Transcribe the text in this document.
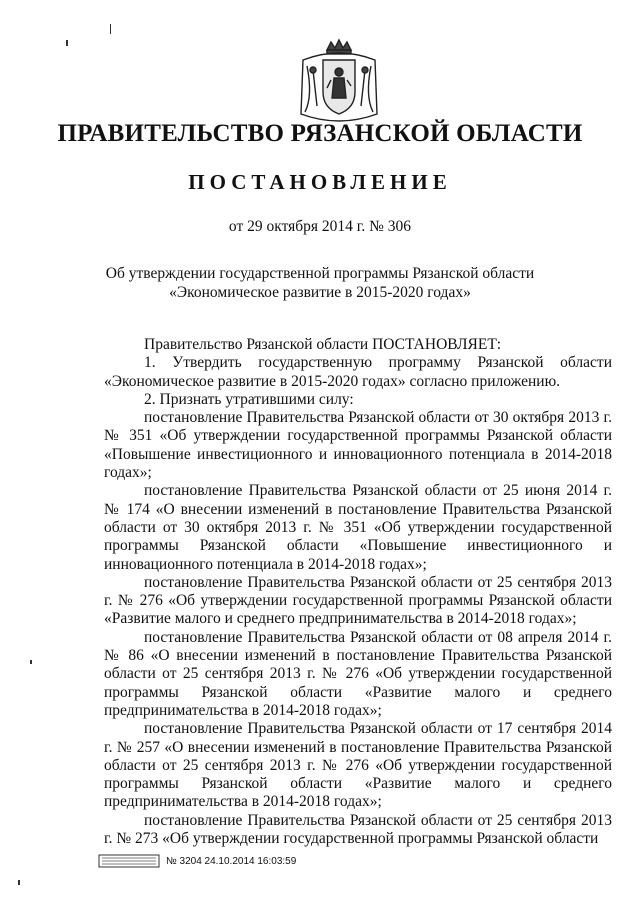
ПРАВИТЕЛЬСТВО РЯЗАНСКОЙ ОБЛАСТИ
ПОСТАНОВЛЕНИЕ
от 29 октября 2014 г. № 306
Об утверждении государственной программы Рязанской области
«Экономическое развитие в 2015-2020 годах»

Правительство Рязанской области ПОСТАНОВЛЯЕТ:

1. Утвердить государственную программу Рязанской области «Экономическое развитие в 2015-2020 годах» согласно приложению.

2. Признать утратившими силу:

постановление Правительства Рязанской области от 30 октября 2013 г. № 351 «Об утверждении государственной программы Рязанской области «Повышение инвестиционного и инновационного потенциала в 2014-2018 годах»;

постановление Правительства Рязанской области от 25 июня 2014 г. № 174 «О внесении изменений в постановление Правительства Рязанской области от 30 октября 2013 г. № 351 «Об утверждении государственной программы Рязанской области «Повышение инвестиционного и инновационного потенциала в 2014-2018 годах»;

постановление Правительства Рязанской области от 25 сентября 2013 г. № 276 «Об утверждении государственной программы Рязанской области «Развитие малого и среднего предпринимательства в 2014-2018 годах»;

постановление Правительства Рязанской области от 08 апреля 2014 г. № 86 «О внесении изменений в постановление Правительства Рязанской области от 25 сентября 2013 г. № 276 «Об утверждении государственной программы Рязанской области «Развитие малого и среднего предпринимательства в 2014-2018 годах»;

постановление Правительства Рязанской области от 17 сентября 2014 г. № 257 «О внесении изменений в постановление Правительства Рязанской области от 25 сентября 2013 г. № 276 «Об утверждении государственной программы Рязанской области «Развитие малого и среднего предпринимательства в 2014-2018 годах»;

постановление Правительства Рязанской области от 25 сентября 2013 г. № 273 «Об утверждении государственной программы Рязанской области

№ 3204 24.10.2014 16:03:59
